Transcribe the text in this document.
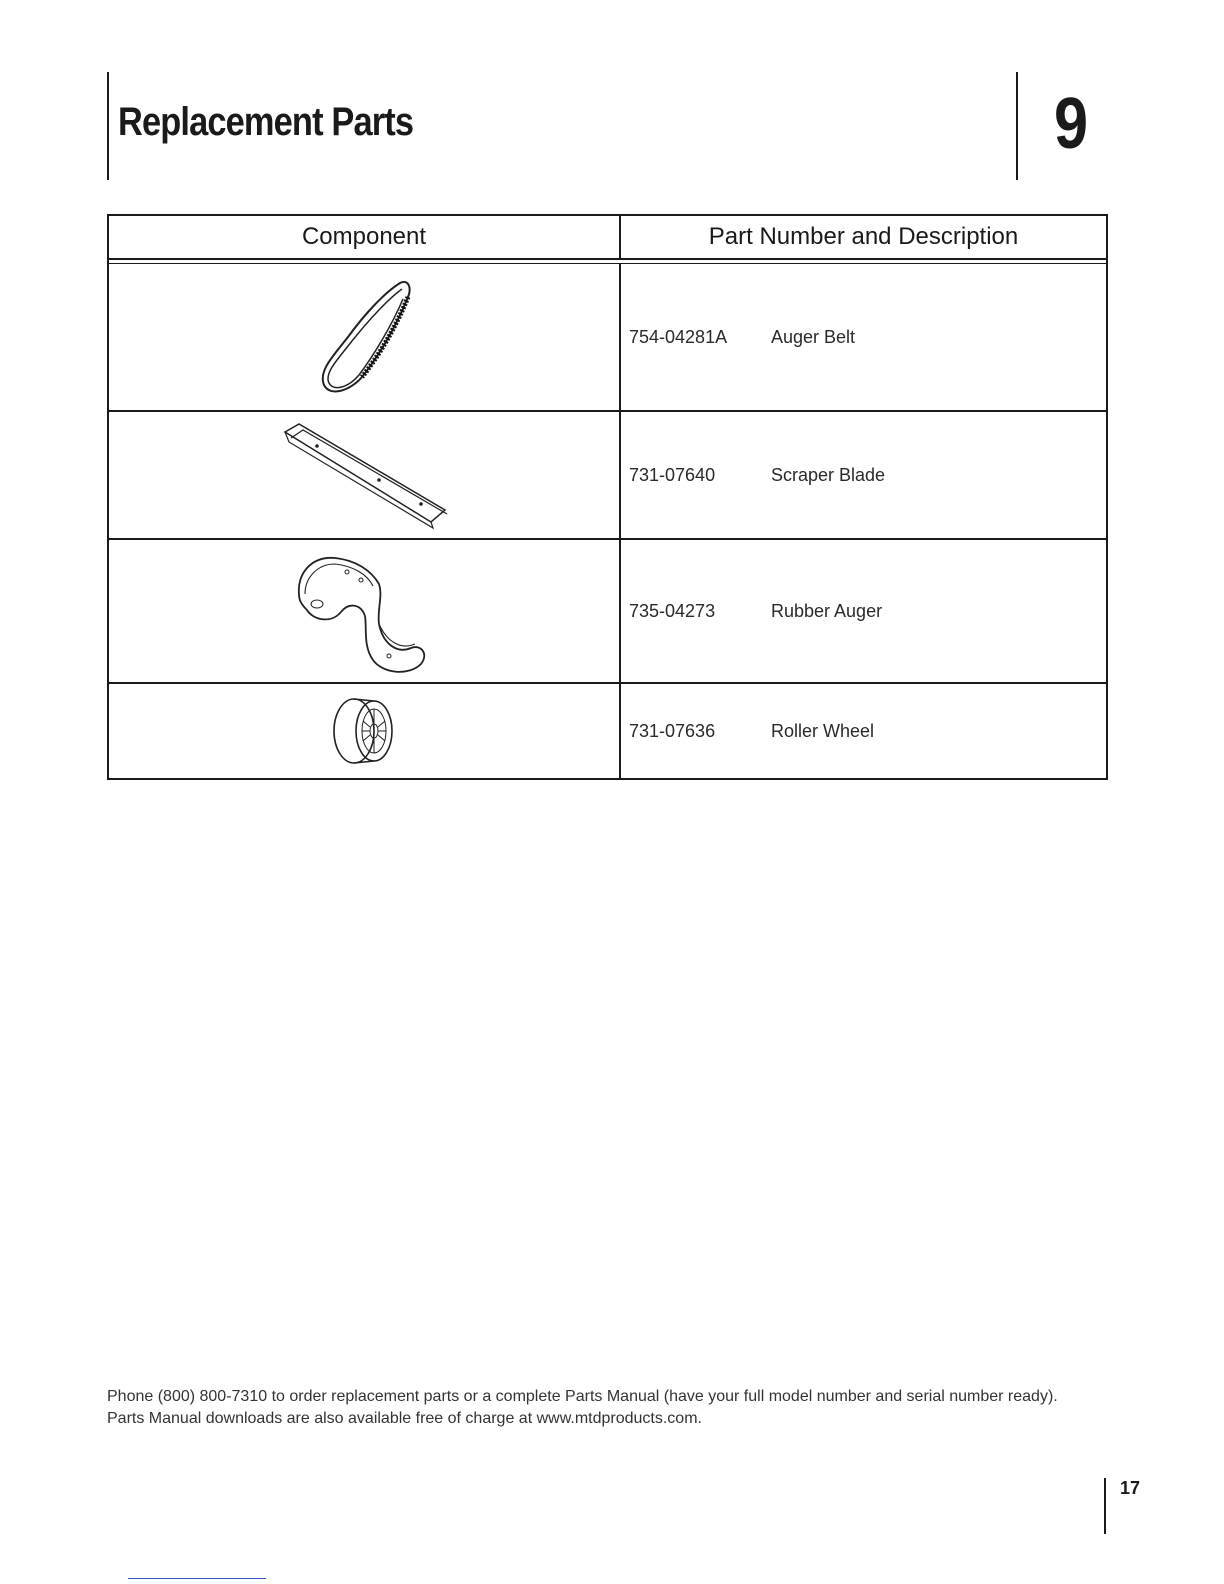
Replacement Parts	9
Component	Part Number and Description
754-04281A	Auger Belt
731-07640	Scraper Blade
735-04273	Rubber Auger
731-07636	Roller Wheel
Phone (800) 800-7310 to order replacement parts or a complete Parts Manual (have your full model number and serial number ready).
Parts Manual downloads are also available free of charge at www.mtdproducts.com.
17
